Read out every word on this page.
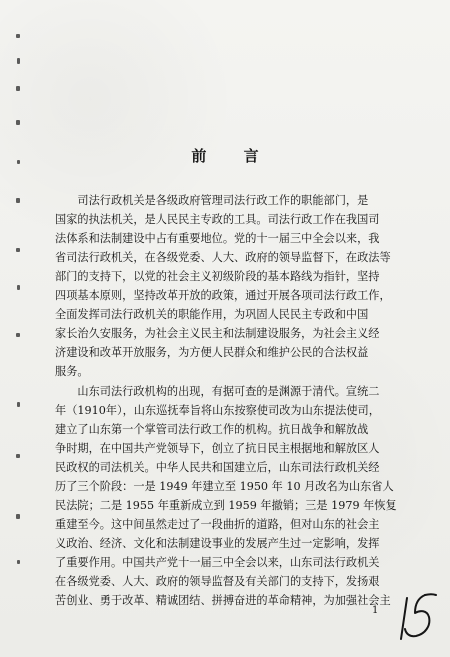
前 言
　　司法行政机关是各级政府管理司法行政工作的职能部门，是
国家的执法机关，是人民民主专政的工具。司法行政工作在我国司
法体系和法制建设中占有重要地位。党的十一届三中全会以来，我
省司法行政机关，在各级党委、人大、政府的领导监督下，在政法等
部门的支持下，以党的社会主义初级阶段的基本路线为指针，坚持
四项基本原则，坚持改革开放的政策，通过开展各项司法行政工作，
全面发挥司法行政机关的职能作用，为巩固人民民主专政和中国
家长治久安服务，为社会主义民主和法制建设服务，为社会主义经
济建设和改革开放服务，为方便人民群众和维护公民的合法权益
服务。
　　山东司法行政机构的出现，有据可查的是渊源于清代。宣统二
年（1910年），山东巡抚奉旨将山东按察使司改为山东提法使司，
建立了山东第一个掌管司法行政工作的机构。抗日战争和解放战
争时期，在中国共产党领导下，创立了抗日民主根据地和解放区人
民政权的司法机关。中华人民共和国建立后，山东司法行政机关经
历了三个阶段：一是 1949 年建立至 1950 年 10 月改名为山东省人
民法院；二是 1955 年重新成立到 1959 年撤销；三是 1979 年恢复
重建至今。这中间虽然走过了一段曲折的道路，但对山东的社会主
义政治、经济、文化和法制建设事业的发展产生过一定影响，发挥
了重要作用。中国共产党十一届三中全会以来，山东司法行政机关
在各级党委、人大、政府的领导监督及有关部门的支持下，发扬艰
苦创业、勇于改革、精诚团结、拼搏奋进的革命精神，为加强社会主
1
